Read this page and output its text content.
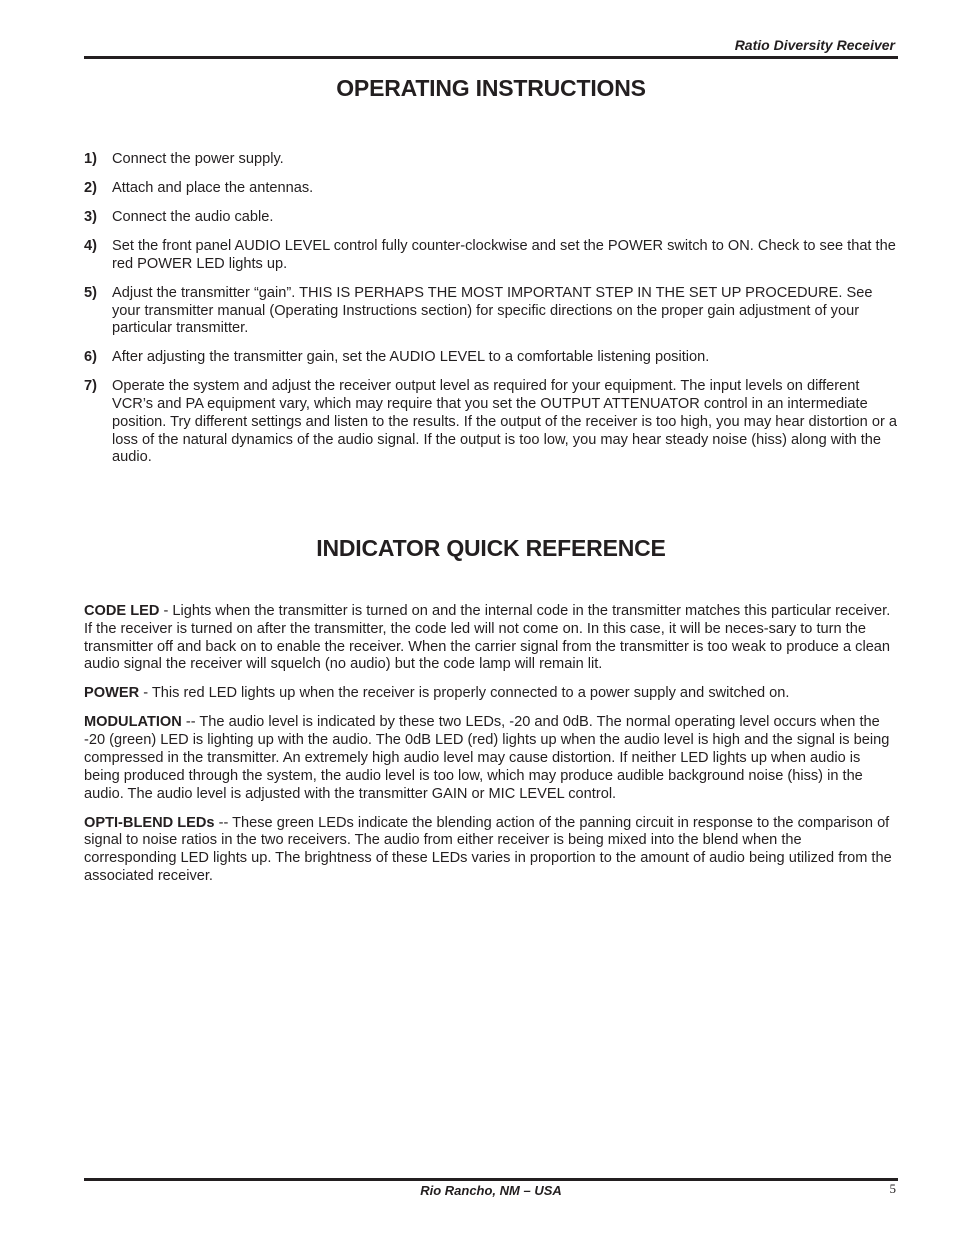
Ratio Diversity Receiver
OPERATING INSTRUCTIONS
1) Connect the power supply.
2) Attach and place the antennas.
3) Connect the audio cable.
4) Set the front panel AUDIO LEVEL control fully counter-clockwise and set the POWER switch to ON. Check to see that the red POWER LED lights up.
5) Adjust the transmitter “gain”. THIS IS PERHAPS THE MOST IMPORTANT STEP IN THE SET UP PROCEDURE. See your transmitter manual (Operating Instructions section) for specific directions on the proper gain adjustment of your particular transmitter.
6) After adjusting the transmitter gain, set the AUDIO LEVEL to a comfortable listening position.
7) Operate the system and adjust the receiver output level as required for your equipment. The input levels on different VCR’s and PA equipment vary, which may require that you set the OUTPUT ATTENUATOR control in an intermediate position. Try different settings and listen to the results. If the output of the receiver is too high, you may hear distortion or a loss of the natural dynamics of the audio signal. If the output is too low, you may hear steady noise (hiss) along with the audio.
INDICATOR QUICK REFERENCE

CODE LED - Lights when the transmitter is turned on and the internal code in the transmitter matches this particular receiver. If the receiver is turned on after the transmitter, the code led will not come on. In this case, it will be neces-sary to turn the transmitter off and back on to enable the receiver. When the carrier signal from the transmitter is too weak to produce a clean audio signal the receiver will squelch (no audio) but the code lamp will remain lit.

POWER - This red LED lights up when the receiver is properly connected to a power supply and switched on.

MODULATION -- The audio level is indicated by these two LEDs, -20 and 0dB. The normal operating level occurs when the -20 (green) LED is lighting up with the audio. The 0dB LED (red) lights up when the audio level is high and the signal is being compressed in the transmitter. An extremely high audio level may cause distortion. If neither LED lights up when audio is being produced through the system, the audio level is too low, which may produce audible background noise (hiss) in the audio. The audio level is adjusted with the transmitter GAIN or MIC LEVEL control.

OPTI-BLEND LEDs -- These green LEDs indicate the blending action of the panning circuit in response to the comparison of signal to noise ratios in the two receivers. The audio from either receiver is being mixed into the blend when the corresponding LED lights up. The brightness of these LEDs varies in proportion to the amount of audio being utilized from the associated receiver.

Rio Rancho, NM – USA	5
